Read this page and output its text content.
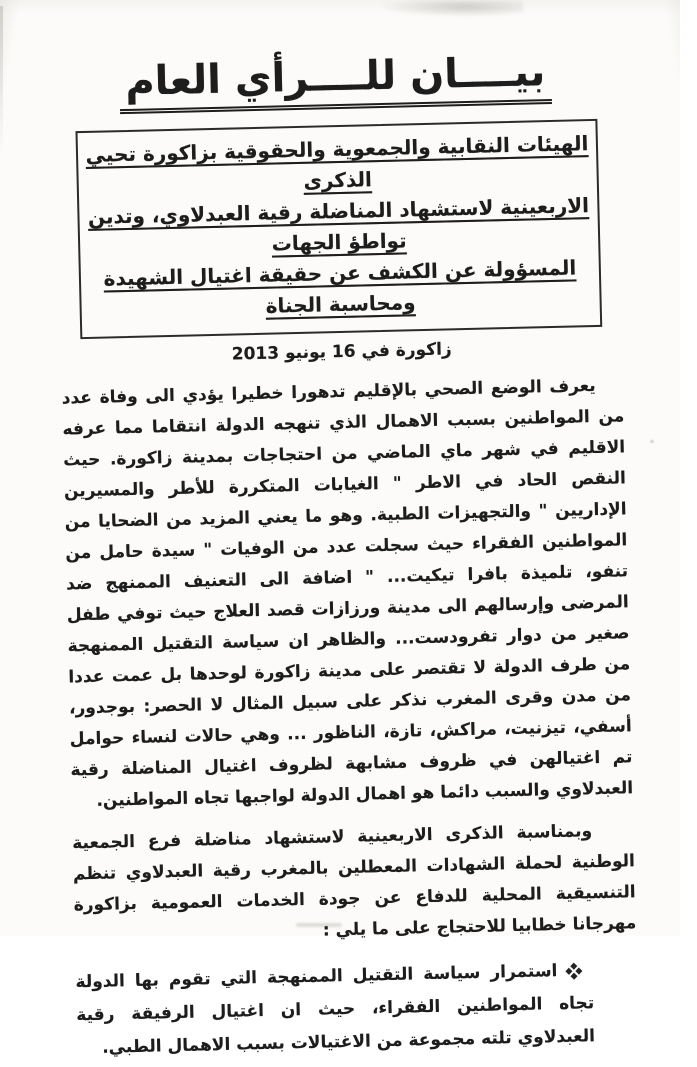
بيــــان للــــرأي العام
الهيئات النقابية والجمعوية والحقوقية بزاكورة تحيي الذكرى
الاربعينية لاستشهاد المناضلة رقية العبدلاوي، وتدين تواطؤ الجهات
المسؤولة عن الكشف عن حقيقة اغتيال الشهيدة ومحاسبة الجناة
زاكورة في 16 يونيو 2013

يعرف الوضع الصحي بالإقليم تدهورا خطيرا يؤدي الى وفاة عدد من المواطنين بسبب الاهمال الذي تنهجه الدولة انتقاما مما عرفه الاقليم في شهر ماي الماضي من احتجاجات بمدينة زاكورة. حيث النقص الحاد في الاطر " الغيابات المتكررة للأطر والمسيرين الإداريين " والتجهيزات الطبية. وهو ما يعني المزيد من الضحايا من المواطنين الفقراء حيث سجلت عدد من الوفيات " سيدة حامل من تنفو، تلميذة بافرا تيكيت... " اضافة الى التعنيف الممنهج ضد المرضى وإرسالهم الى مدينة ورزازات قصد العلاج حيث توفي طفل صغير من دوار تفرودست... والظاهر ان سياسة التقتيل الممنهجة من طرف الدولة لا تقتصر على مدينة زاكورة لوحدها بل عمت عددا من مدن وقرى المغرب نذكر على سبيل المثال لا الحصر: بوجدور، أسفي، تيزنيت، مراكش، تازة، الناظور ... وهي حالات لنساء حوامل تم اغتيالهن في ظروف مشابهة لظروف اغتيال المناضلة رقية العبدلاوي والسبب دائما هو اهمال الدولة لواجبها تجاه المواطنين.

وبمناسبة الذكرى الاربعينية لاستشهاد مناضلة فرع الجمعية الوطنية لحملة الشهادات المعطلين بالمغرب رقية العبدلاوي تنظم التنسيقية المحلية للدفاع عن جودة الخدمات العمومية بزاكورة مهرجانا خطابيا للاحتجاج على ما يلي :

استمرار سياسة التقتيل الممنهجة التي تقوم بها الدولة تجاه المواطنين الفقراء، حيث ان اغتيال الرفيقة رقية العبدلاوي تلته مجموعة من الاغتيالات بسبب الاهمال الطبي.
